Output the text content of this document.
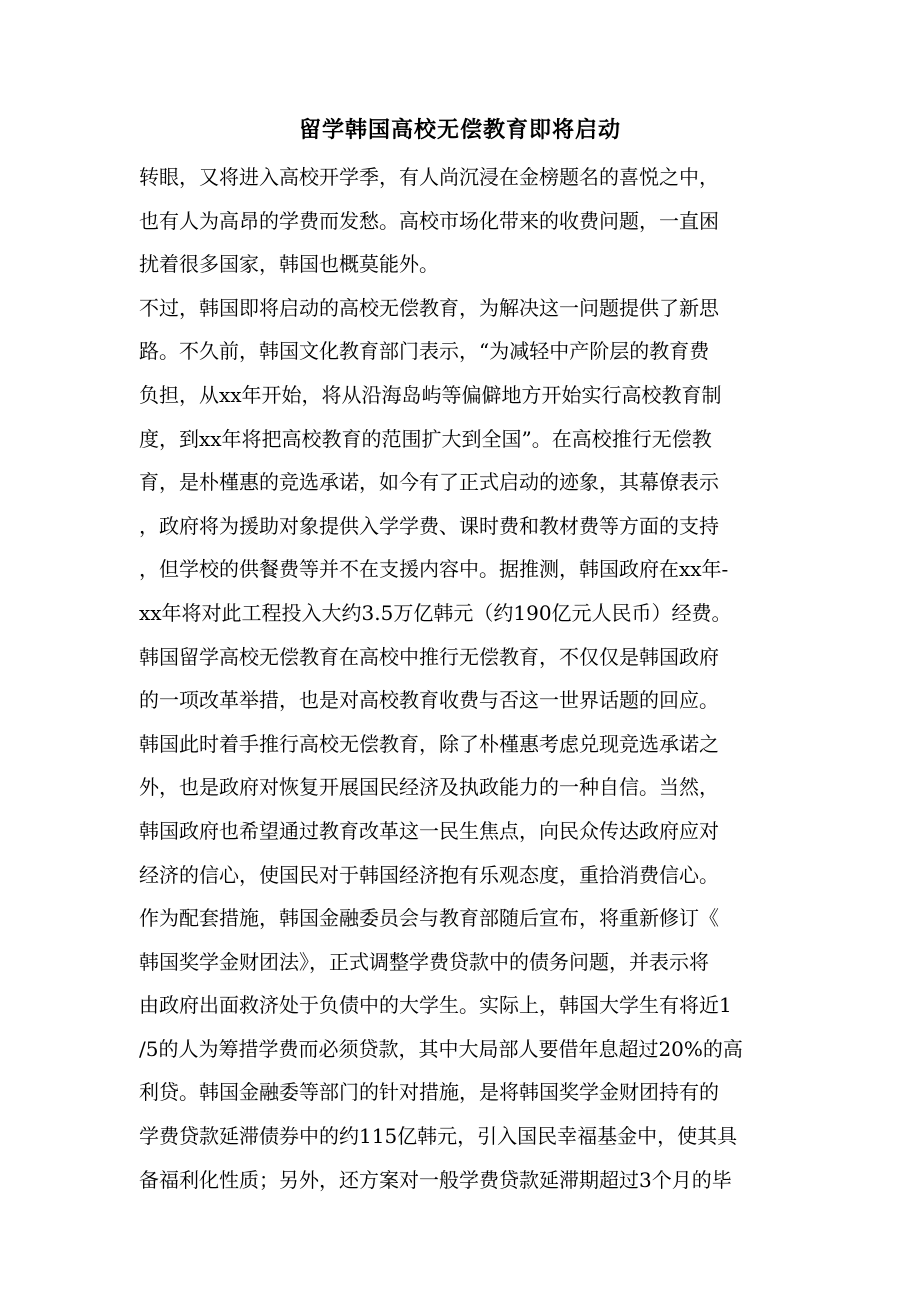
留学韩国高校无偿教育即将启动
转眼，又将进入高校开学季，有人尚沉浸在金榜题名的喜悦之中，
也有人为高昂的学费而发愁。高校市场化带来的收费问题，一直困
扰着很多国家，韩国也概莫能外。
不过，韩国即将启动的高校无偿教育，为解决这一问题提供了新思
路。不久前，韩国文化教育部门表示，“为减轻中产阶层的教育费
负担，从xx年开始，将从沿海岛屿等偏僻地方开始实行高校教育制
度，到xx年将把高校教育的范围扩大到全国”。在高校推行无偿教
育，是朴槿惠的竞选承诺，如今有了正式启动的迹象，其幕僚表示
，政府将为援助对象提供入学学费、课时费和教材费等方面的支持
，但学校的供餐费等并不在支援内容中。据推测，韩国政府在xx年-
xx年将对此工程投入大约3.5万亿韩元（约190亿元人民币）经费。
韩国留学高校无偿教育在高校中推行无偿教育，不仅仅是韩国政府
的一项改革举措，也是对高校教育收费与否这一世界话题的回应。
韩国此时着手推行高校无偿教育，除了朴槿惠考虑兑现竞选承诺之
外，也是政府对恢复开展国民经济及执政能力的一种自信。当然，
韩国政府也希望通过教育改革这一民生焦点，向民众传达政府应对
经济的信心，使国民对于韩国经济抱有乐观态度，重拾消费信心。
作为配套措施，韩国金融委员会与教育部随后宣布，将重新修订《
韩国奖学金财团法》，正式调整学费贷款中的债务问题，并表示将
由政府出面救济处于负债中的大学生。实际上，韩国大学生有将近1
/5的人为筹措学费而必须贷款，其中大局部人要借年息超过20%的高
利贷。韩国金融委等部门的针对措施，是将韩国奖学金财团持有的
学费贷款延滞债券中的约115亿韩元，引入国民幸福基金中，使其具
备福利化性质；另外，还方案对一般学费贷款延滞期超过3个月的毕
